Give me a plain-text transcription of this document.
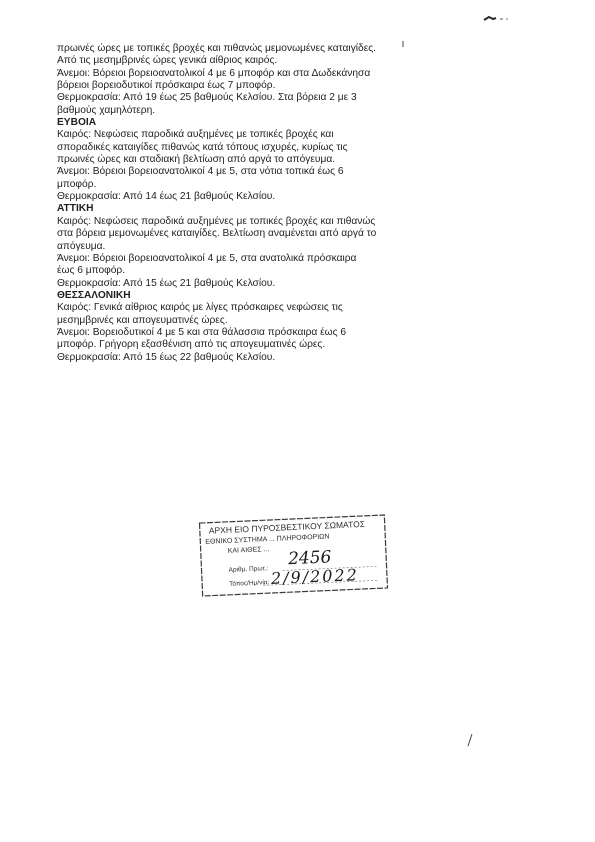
πρωινές ώρες με τοπικές βροχές και πιθανώς μεμονωμένες καταιγίδες.
Από τις μεσημβρινές ώρες γενικά αίθριος καιρός.
Άνεμοι: Βόρειοι βορειοανατολικοί 4 με 6 μποφόρ και στα Δωδεκάνησα
βόρειοι βορειοδυτικοί πρόσκαιρα έως 7 μποφόρ.
Θερμοκρασία: Από 19 έως 25 βαθμούς Κελσίου. Στα βόρεια 2 με 3
βαθμούς χαμηλότερη.
ΕΥΒΟΙΑ
Καιρός: Νεφώσεις παροδικά αυξημένες με τοπικές βροχές και
σποραδικές καταιγίδες πιθανώς κατά τόπους ισχυρές, κυρίως τις
πρωινές ώρες και σταδιακή βελτίωση από αργά το απόγευμα.
Άνεμοι: Βόρειοι βορειοανατολικοί 4 με 5, στα νότια τοπικά έως 6
μποφόρ.
Θερμοκρασία: Από 14 έως 21 βαθμούς Κελσίου.
ΑΤΤΙΚΗ
Καιρός: Νεφώσεις παροδικά αυξημένες με τοπικές βροχές και πιθανώς
στα βόρεια μεμονωμένες καταιγίδες. Βελτίωση αναμένεται από αργά το
απόγευμα.
Άνεμοι: Βόρειοι βορειοανατολικοί 4 με 5, στα ανατολικά πρόσκαιρα
έως 6 μποφόρ.
Θερμοκρασία: Από 15 έως 21 βαθμούς Κελσίου.
ΘΕΣΣΑΛΟΝΙΚΗ
Καιρός: Γενικά αίθριος καιρός με λίγες πρόσκαιρες νεφώσεις τις
μεσημβρινές και απογευματινές ώρες.
Άνεμοι: Βορειοδυτικοί 4 με 5 και στα θάλασσια πρόσκαιρα έως 6
μποφόρ. Γρήγορη εξασθένιση από τις απογευματινές ώρες.
Θερμοκρασία: Από 15 έως 22 βαθμούς Κελσίου.
ΑΡΧΗ ΕΙΟ ΠΥΡΟΣΒΕΣΤΙΚΟΥ ΣΩΜΑΤΟΣ
ΕΘΝΙΚΟ ΣΥΣΤΗΜΑ ... ΠΛΗΡΟΦΟΡΙΩΝ
ΚΑΙ ΑΙΘΕΣ ...
Αριθμ. Πρωτ.:
Τόπος/Ημ/νία:
2456
2/9/2022
